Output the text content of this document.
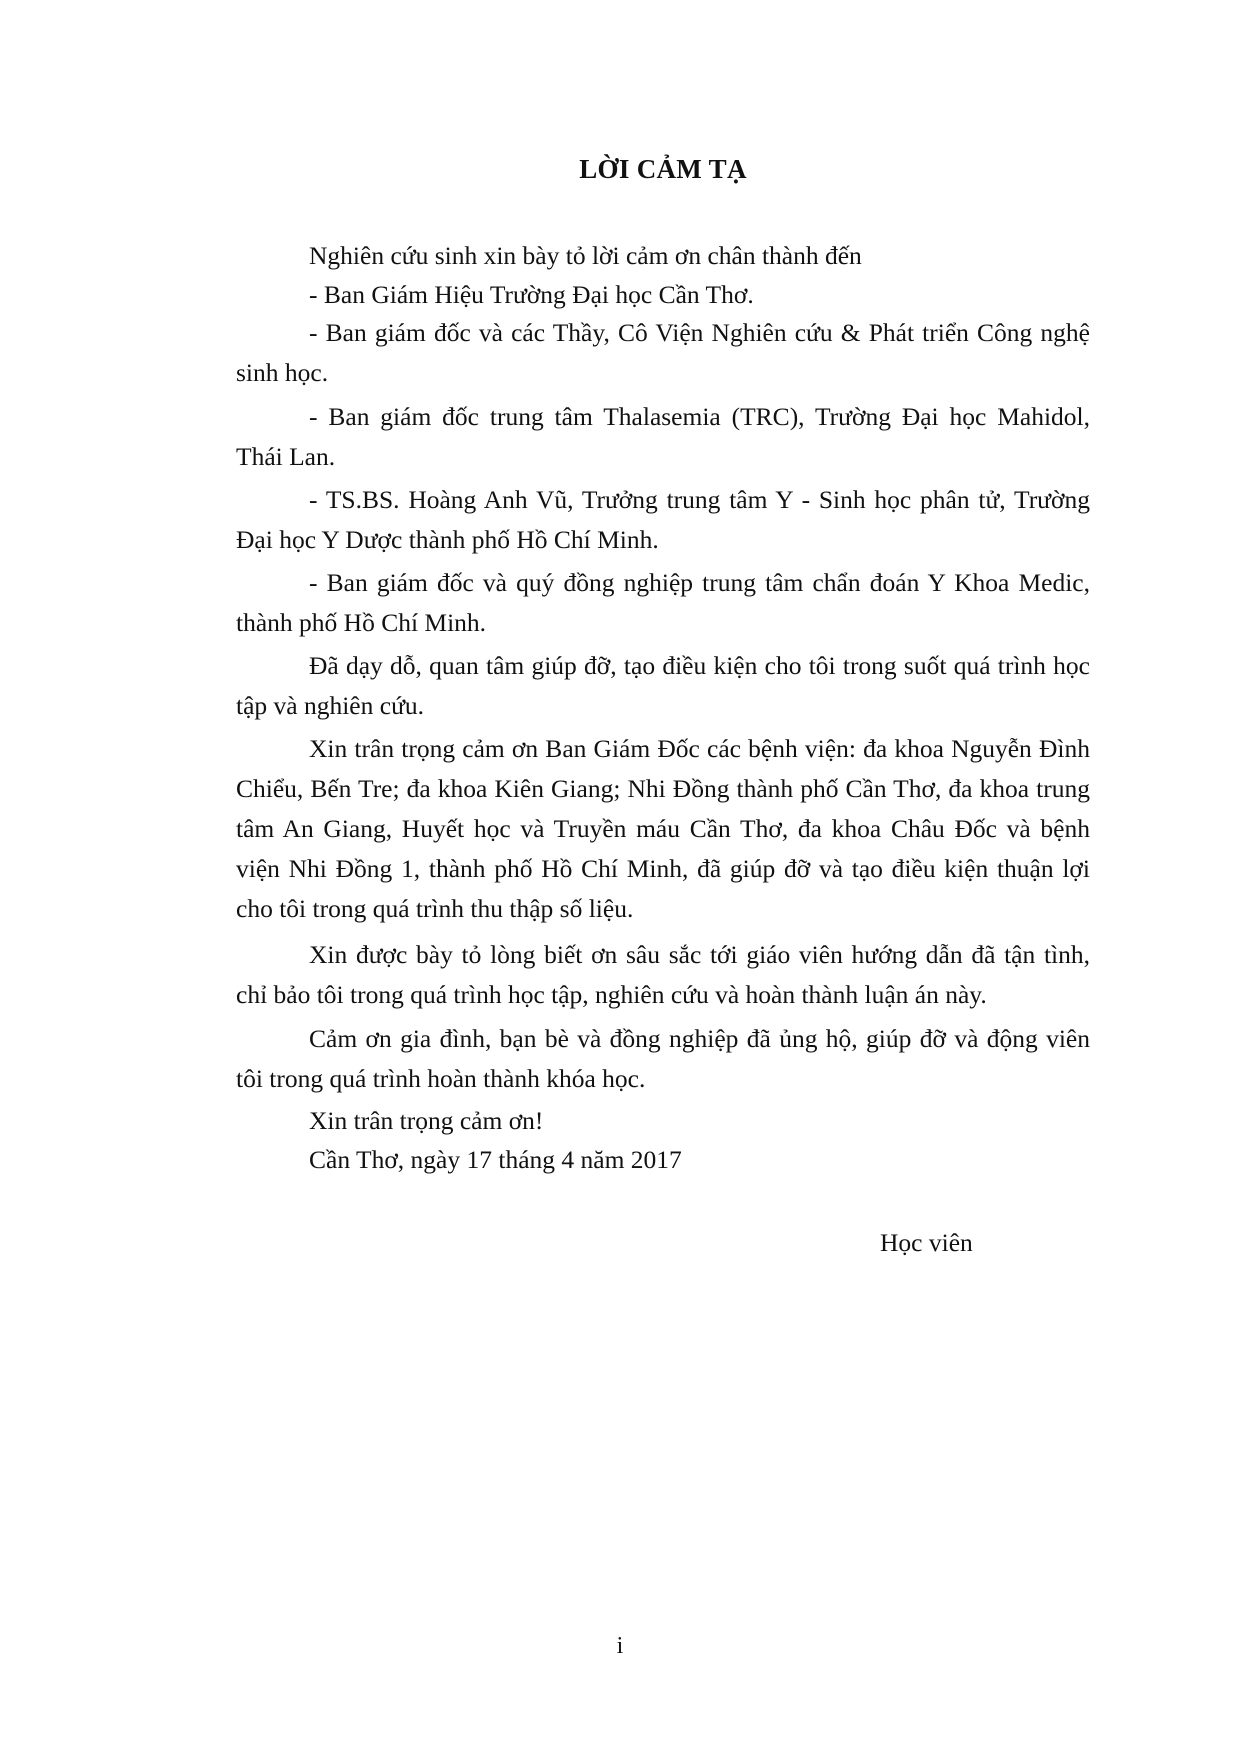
LỜI CẢM TẠ

Nghiên cứu sinh xin bày tỏ lời cảm ơn chân thành đến

- Ban Giám Hiệu Trường Đại học Cần Thơ.

- Ban giám đốc và các Thầy, Cô Viện Nghiên cứu & Phát triển Công nghệ sinh học.

- Ban giám đốc trung tâm Thalasemia (TRC), Trường Đại học Mahidol, Thái Lan.

- TS.BS. Hoàng Anh Vũ, Trưởng trung tâm Y - Sinh học phân tử, Trường Đại học Y Dược thành phố Hồ Chí Minh.

- Ban giám đốc và quý đồng nghiệp trung tâm chẩn đoán Y Khoa Medic, thành phố Hồ Chí Minh.

Đã dạy dỗ, quan tâm giúp đỡ, tạo điều kiện cho tôi trong suốt quá trình học tập và nghiên cứu.

Xin trân trọng cảm ơn Ban Giám Đốc các bệnh viện: đa khoa Nguyễn Đình Chiểu, Bến Tre; đa khoa Kiên Giang; Nhi Đồng thành phố Cần Thơ, đa khoa trung tâm An Giang, Huyết học và Truyền máu Cần Thơ, đa khoa Châu Đốc và bệnh viện Nhi Đồng 1, thành phố Hồ Chí Minh, đã giúp đỡ và tạo điều kiện thuận lợi cho tôi trong quá trình thu thập số liệu.

Xin được bày tỏ lòng biết ơn sâu sắc tới giáo viên hướng dẫn đã tận tình, chỉ bảo tôi trong quá trình học tập, nghiên cứu và hoàn thành luận án này.

Cảm ơn gia đình, bạn bè và đồng nghiệp đã ủng hộ, giúp đỡ và động viên tôi trong quá trình hoàn thành khóa học.

Xin trân trọng cảm ơn!

Cần Thơ, ngày 17 tháng 4 năm 2017

Học viên
i
